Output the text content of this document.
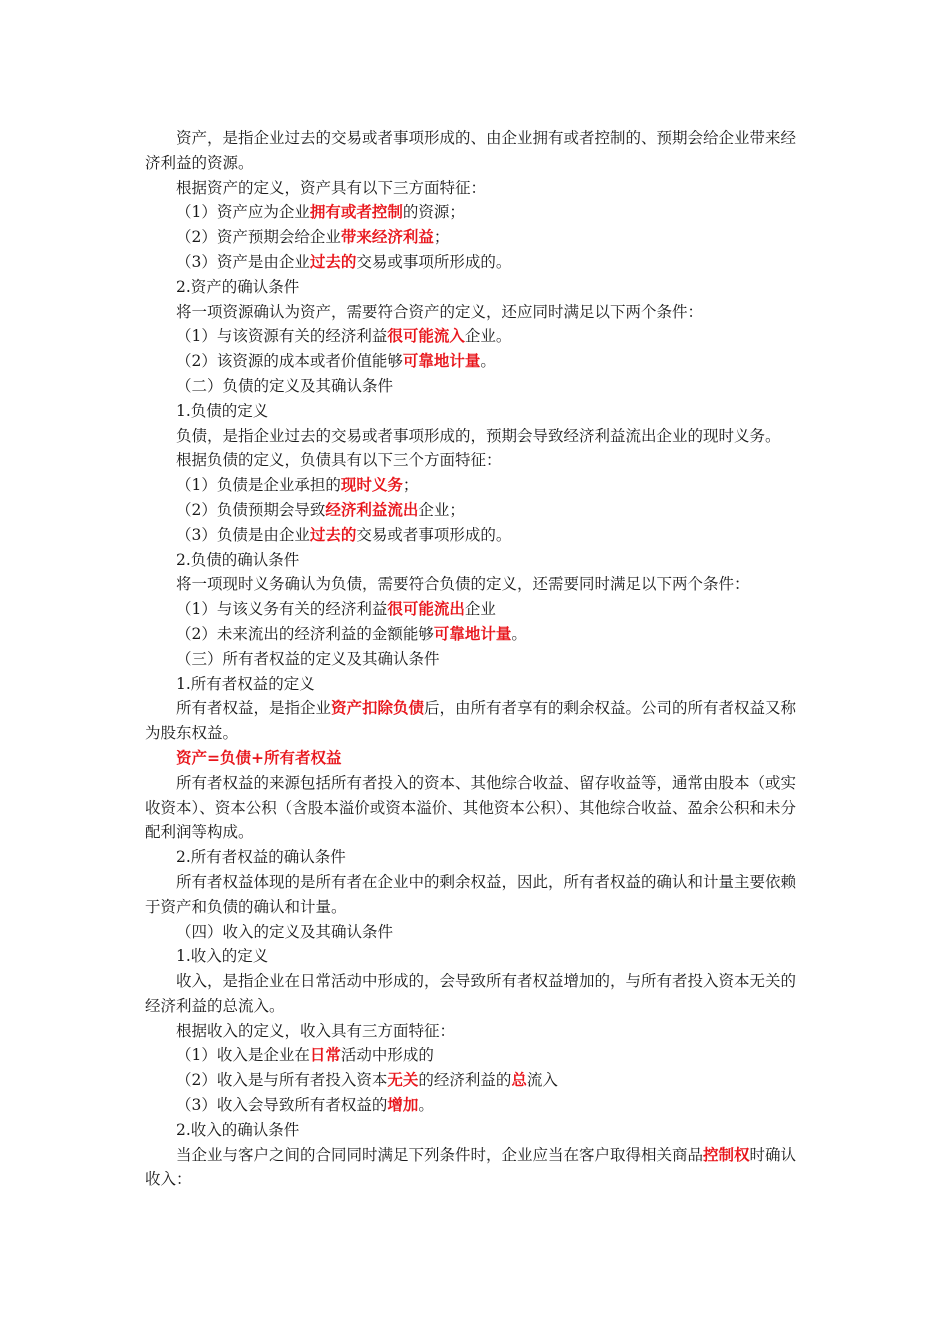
资产，是指企业过去的交易或者事项形成的、由企业拥有或者控制的、预期会给企业带来经济利益的资源。

根据资产的定义，资产具有以下三方面特征：

（1）资产应为企业拥有或者控制的资源；

（2）资产预期会给企业带来经济利益；

（3）资产是由企业过去的交易或事项所形成的。

2.资产的确认条件

将一项资源确认为资产，需要符合资产的定义，还应同时满足以下两个条件：

（1）与该资源有关的经济利益很可能流入企业。

（2）该资源的成本或者价值能够可靠地计量。

（二）负债的定义及其确认条件

1.负债的定义

负债，是指企业过去的交易或者事项形成的，预期会导致经济利益流出企业的现时义务。

根据负债的定义，负债具有以下三个方面特征：

（1）负债是企业承担的现时义务；

（2）负债预期会导致经济利益流出企业；

（3）负债是由企业过去的交易或者事项形成的。

2.负债的确认条件

将一项现时义务确认为负债，需要符合负债的定义，还需要同时满足以下两个条件：

（1）与该义务有关的经济利益很可能流出企业

（2）未来流出的经济利益的金额能够可靠地计量。

（三）所有者权益的定义及其确认条件

1.所有者权益的定义

所有者权益，是指企业资产扣除负债后，由所有者享有的剩余权益。公司的所有者权益又称为股东权益。

资产=负债+所有者权益

所有者权益的来源包括所有者投入的资本、其他综合收益、留存收益等，通常由股本（或实收资本）、资本公积（含股本溢价或资本溢价、其他资本公积）、其他综合收益、盈余公积和未分配利润等构成。

2.所有者权益的确认条件

所有者权益体现的是所有者在企业中的剩余权益，因此，所有者权益的确认和计量主要依赖于资产和负债的确认和计量。

（四）收入的定义及其确认条件

1.收入的定义

收入，是指企业在日常活动中形成的，会导致所有者权益增加的，与所有者投入资本无关的经济利益的总流入。

根据收入的定义，收入具有三方面特征：

（1）收入是企业在日常活动中形成的

（2）收入是与所有者投入资本无关的经济利益的总流入

（3）收入会导致所有者权益的增加。

2.收入的确认条件

当企业与客户之间的合同同时满足下列条件时，企业应当在客户取得相关商品控制权时确认收入：
